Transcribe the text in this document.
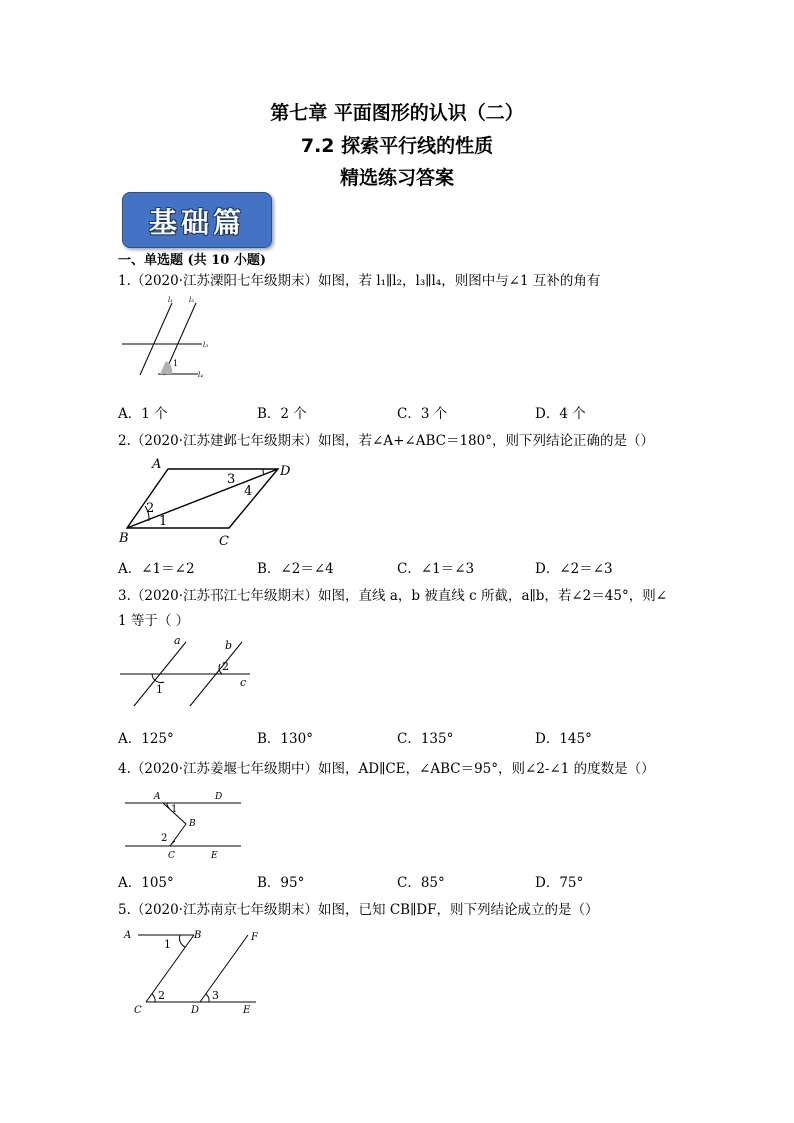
第七章 平面图形的认识（二）
7.2 探索平行线的性质
精选练习答案
基础篇
一、单选题 (共 10 小题)
1.（2020·江苏溧阳七年级期末）如图，若 l₁∥l₂，l₃∥l₄，则图中与∠1 互补的角有
l₁ l₂
l₃
1
l₄
A．1 个	B．2 个	C．3 个	D．4 个
2.（2020·江苏建邺七年级期末）如图，若∠A+∠ABC＝180°，则下列结论正确的是（）
A	D
3
4
2
1
B	C
A．∠1＝∠2	B．∠2＝∠4	C．∠1＝∠3	D．∠2＝∠3
3.（2020·江苏邗江七年级期末）如图，直线 a，b 被直线 c 所截，a∥b，若∠2＝45°，则∠
1 等于（ ）
a	b
2
1
c
A．125°	B．130°	C．135°	D．145°
4.（2020·江苏姜堰七年级期中）如图，AD∥CE，∠ABC＝95°，则∠2-∠1 的度数是（）
A	D
1
B
2
C	E
A．105°	B．95°	C．85°	D．75°
5.（2020·江苏南京七年级期末）如图，已知 CB∥DF，则下列结论成立的是（）
A
1
B	F
2	3
C	D	E
